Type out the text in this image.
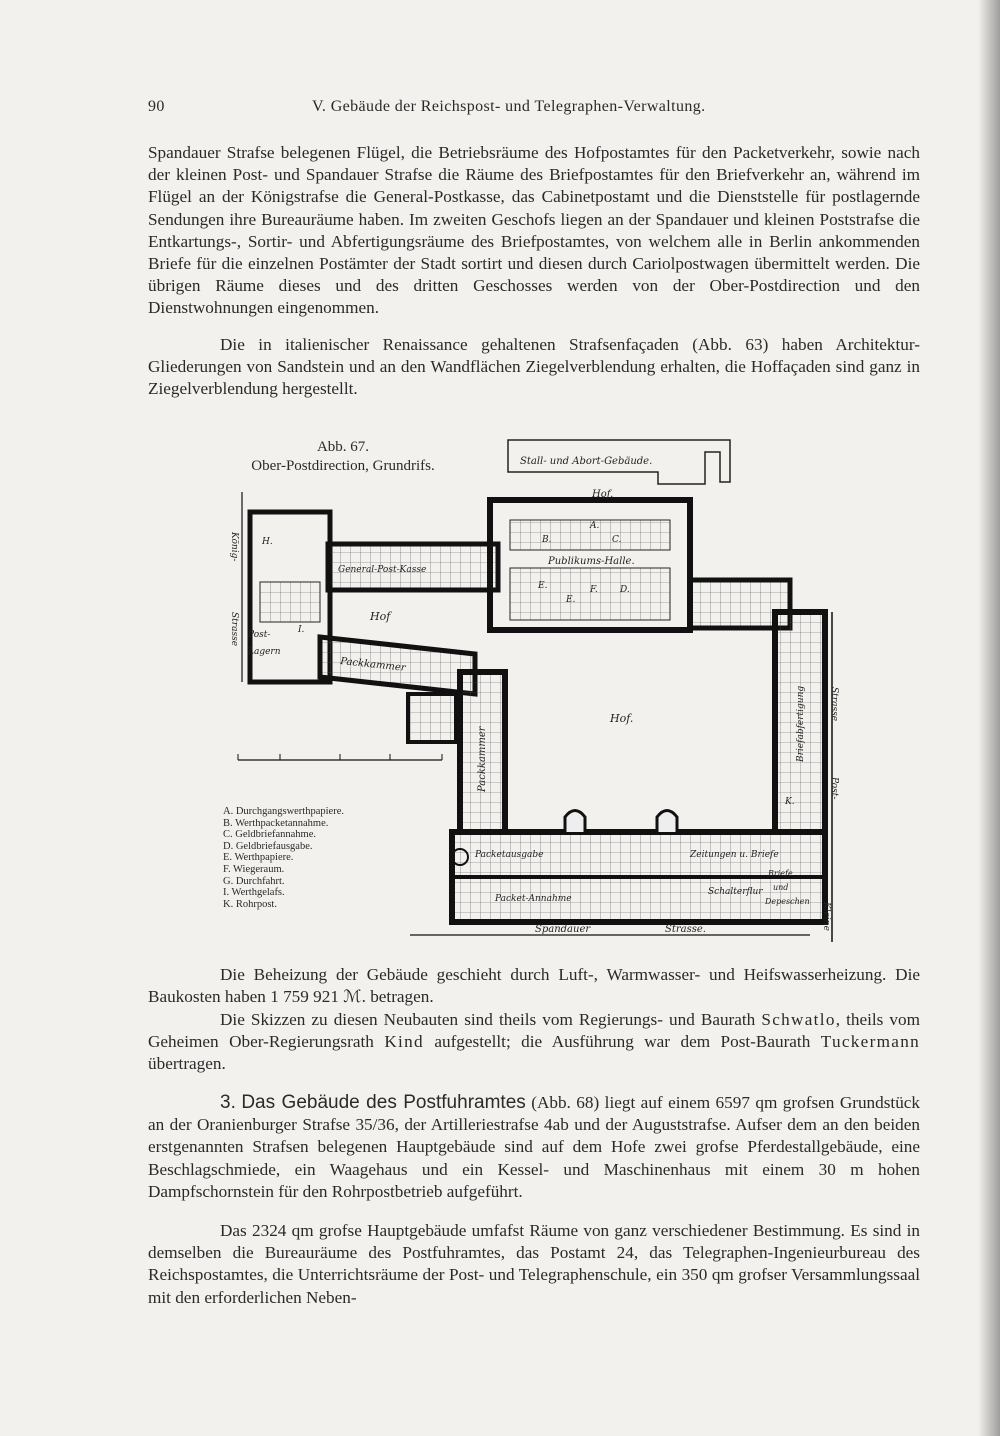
90	V. Gebäude der Reichspost- und Telegraphen-Verwaltung.

Spandauer Strafse belegenen Flügel, die Betriebsräume des Hofpostamtes für den Packetverkehr, sowie nach der kleinen Post- und Spandauer Strafse die Räume des Briefpostamtes für den Briefverkehr an, während im Flügel an der Königstrafse die General-Postkasse, das Cabinetpostamt und die Dienststelle für postlagernde Sendungen ihre Bureauräume haben. Im zweiten Geschofs liegen an der Spandauer und kleinen Poststrafse die Entkartungs-, Sortir- und Abfertigungsräume des Briefpostamtes, von welchem alle in Berlin ankommenden Briefe für die einzelnen Postämter der Stadt sortirt und diesen durch Cariolpostwagen übermittelt werden. Die übrigen Räume dieses und des dritten Geschosses werden von der Ober-Postdirection und den Dienstwohnungen eingenommen.

Die in italienischer Renaissance gehaltenen Strafsenfaçaden (Abb. 63) haben Architektur-Gliederungen von Sandstein und an den Wandflächen Ziegelverblendung erhalten, die Hoffaçaden sind ganz in Ziegelverblendung hergestellt.

Abb. 67.
Ober-Postdirection, Grundrifs.	Stall- und Abort-Gebäude.
Hof.
Hof
Hof.
Publikums-Halle.
General-Post-Kasse
Post-
Lagern
Packkammer
Packkammer	Briefabfertigung
Packetausgabe
Packet-Annahme
Zeitungen u. Briefe
Schalterflur
Briefe
und
Depeschen
König-
Strasse
Kleine
Post-
Strasse
Spandauer	Strasse.
A.
B.	C.
E.
E.
F. D.
H.
I.
K.
A. Durchgangswerthpapiere.
B. Werthpacketannahme.
C. Geldbriefannahme.
D. Geldbriefausgabe.
E. Werthpapiere.
F. Wiegeraum.
G. Durchfahrt.
I. Werthgelafs.
K. Rohrpost.

Die Beheizung der Gebäude geschieht durch Luft-, Warmwasser- und Heifswasserheizung. Die Baukosten haben 1 759 921 ℳ. betragen.

Die Skizzen zu diesen Neubauten sind theils vom Regierungs- und Baurath Schwatlo, theils vom Geheimen Ober-Regierungsrath Kind aufgestellt; die Ausführung war dem Post-Baurath Tuckermann übertragen.

3. Das Gebäude des Postfuhramtes (Abb. 68) liegt auf einem 6597 qm grofsen Grundstück an der Oranienburger Strafse 35/36, der Artilleriestrafse 4ab und der Auguststrafse. Aufser dem an den beiden erstgenannten Strafsen belegenen Hauptgebäude sind auf dem Hofe zwei grofse Pferdestallgebäude, eine Beschlagschmiede, ein Waagehaus und ein Kessel- und Maschinenhaus mit einem 30 m hohen Dampfschornstein für den Rohrpostbetrieb aufgeführt.

Das 2324 qm grofse Hauptgebäude umfafst Räume von ganz verschiedener Bestimmung. Es sind in demselben die Bureauräume des Postfuhramtes, das Postamt 24, das Telegraphen-Ingenieurbureau des Reichspostamtes, die Unterrichtsräume der Post- und Telegraphenschule, ein 350 qm grofser Versammlungssaal mit den erforderlichen Neben-
